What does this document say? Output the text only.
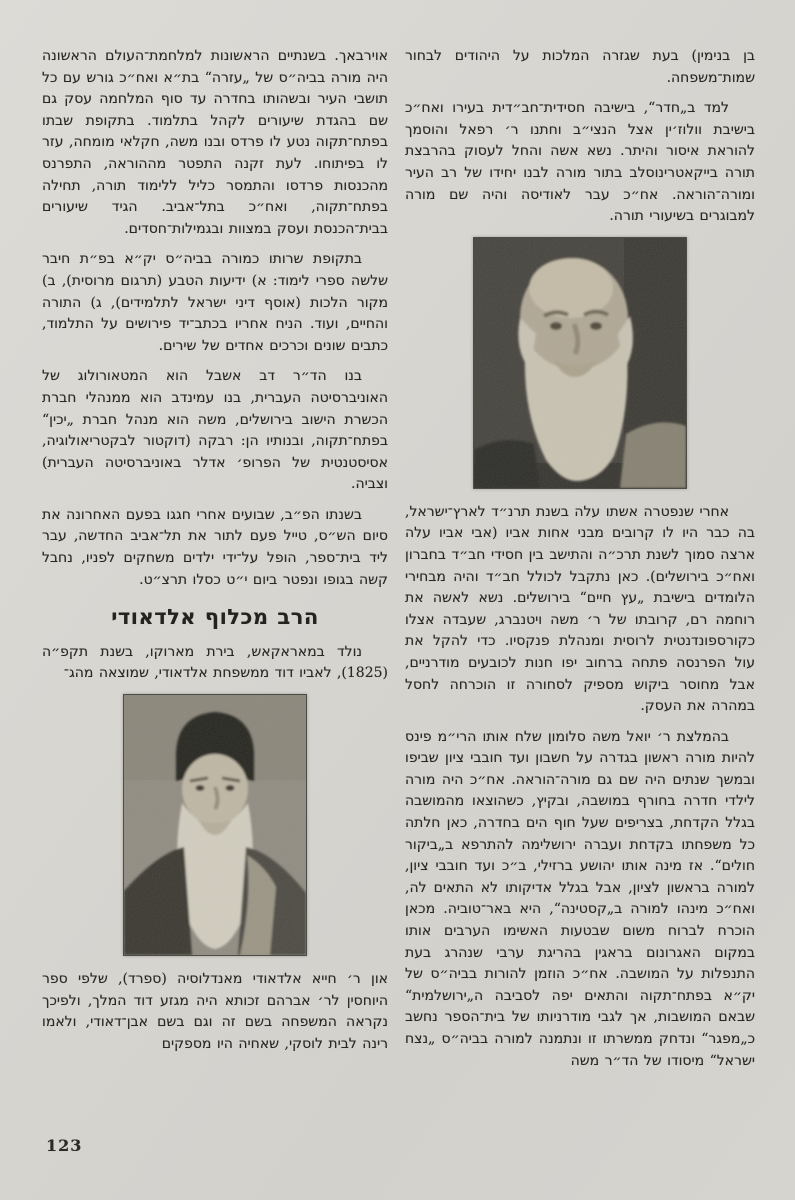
בן בנימין) בעת שגזרה המלכות על היהודים לבחור שמות־משפחה.

למד ב„חדר“, בישיבה חסידית־חב״דית בעירו ואח״כ בישיבת וולוז׳ין אצל הנצי״ב וחתנו ר׳ רפאל והוסמך להוראת איסור והיתר. נשא אשה והחל לעסוק בהרבצת תורה בייקאטרינוסלב בתור מורה לבנו יחידו של רב העיר ומורה־הוראה. אח״כ עבר לאודיסה והיה שם מורה למבוגרים בשיעורי תורה.

אחרי שנפטרה אשתו עלה בשנת תרנ״ד לארץ־ישראל, בה כבר היו לו קרובים מבני אחות אביו (אבי אביו עלה ארצה סמוך לשנת תרכ״ה והתישב בין חסידי חב״ד בחברון ואח״כ בירושלים). כאן נתקבל לכולל חב״ד והיה מבחירי הלומדים בישיבת „עץ חיים“ בירושלים. נשא לאשה את רוחמה רם, קרובתו של ר׳ משה ויטנברג, שעבדה אצלו כקורספונדנטית לרוסית ומנהלת פנקסיו. כדי להקל את עול הפרנסה פתחה ברחוב יפו חנות לכובעים מודרניים, אבל מחוסר ביקוש מספיק לסחורה זו הוכרחה לחסל במהרה את העסק.

בהמלצת ר׳ יואל משה סלומון שלח אותו הרי״מ פינס להיות מורה ראשון בגדרה על חשבון ועד חובבי ציון שביפו ובמשך שנתים היה שם גם מורה־הוראה. אח״כ היה מורה לילדי חדרה בחורף במושבה, ובקיץ, כשהוצאו מהמושבה בגלל הקדחת, בצריפים שעל חוף הים בחדרה, כאן חלתה כל משפחתו בקדחת ועברה ירושלימה להתרפא ב„ביקור חולים“. אז מינה אותו יהושע ברזילי, ב״כ ועד חובבי ציון, למורה בראשון לציון, אבל בגלל אדיקותו לא התאים לה, ואח״כ מינהו למורה ב„קסטינה“, היא באר־טוביה. מכאן הוכרח לברוח משום שבטעות האשימו הערבים אותו במקום האגרונום בראגין בהריגת ערבי שנהרג בעת התנפלות על המושבה. אח״כ הוזמן להורות בביה״ס של יק״א בפתח־תקוה והתאים יפה לסביבה ה„ירושלמית“ שבאם המושבות, אך לגבי מודרניותו של בית־הספר נחשב כ„מפגר“ ונדחק ממשרתו זו ונתמנה למורה בביה״ס „נצח ישראל“ מיסודו של הד״ר משה

אוירבאך. בשנתיים הראשונות למלחמת־העולם הראשונה היה מורה בביה״ס של „עזרה“ בת״א ואח״כ גורש עם כל תושבי העיר ובשהותו בחדרה עד סוף המלחמה עסק גם שם בהגדת שיעורים לקהל בתלמוד. בתקופת שבתו בפתח־תקוה נטע לו פרדס ובנו משה, חקלאי מומחה, עזר לו בפיתוחו. לעת זקנה התפטר מההוראה, התפרנס מהכנסות פרדסו והתמסר כליל ללימוד תורה, תחילה בפתח־תקוה, ואח״כ בתל־אביב. הגיד שיעורים בבית־הכנסת ועסק במצוות ובגמילות־חסדים.

בתקופת שרותו כמורה בביה״ס יק״א בפ״ת חיבר שלשה ספרי לימוד: א) ידיעות הטבע (תרגום מרוסית), ב) מקור הלכות (אוסף דיני ישראל לתלמידים), ג) התורה והחיים, ועוד. הניח אחריו בכתב־יד פירושים על התלמוד, כתבים שונים וכרכים אחדים של שירים.

בנו הד״ר דב אשבל הוא המטאורולוג של האוניברסיטה העברית, בנו עמינדב הוא ממנהלי חברת הכשרת הישוב בירושלים, משה הוא מנהל חברת „יכין“ בפתח־תקוה, ובנותיו הן: רבקה (דוקטור לבקטריאולוגיה, אסיסטנטית של הפרופ׳ אדלר באוניברסיטה העברית) וצביה.

בשנתו הפ״ב, שבועים אחרי חגגו בפעם האחרונה את סיום הש״ס, טייל פעם לתור את תל־אביב החדשה, עבר ליד בית־ספר, הופל על־ידי ילדים משחקים לפניו, נחבל קשה בגופו ונפטר ביום י״ט כסלו תרצ״ט.

הרב מכלוף אלדאודי

נולד במאראקאש, בירת מארוקו, בשנת תקפ״ה (1825), לאביו דוד ממשפחת אלדאודי, שמוצאה מהג־

און ר׳ חייא אלדאודי מאנדלוסיה (ספרד), שלפי ספר היוחסין לר׳ אברהם זכותא היה מגזע דוד המלך, ולפיכך נקראה המשפחה בשם זה וגם בשם אבן־דאודי, ולאמו רינה לבית לוסקי, שאחיה היו מספקים

123
